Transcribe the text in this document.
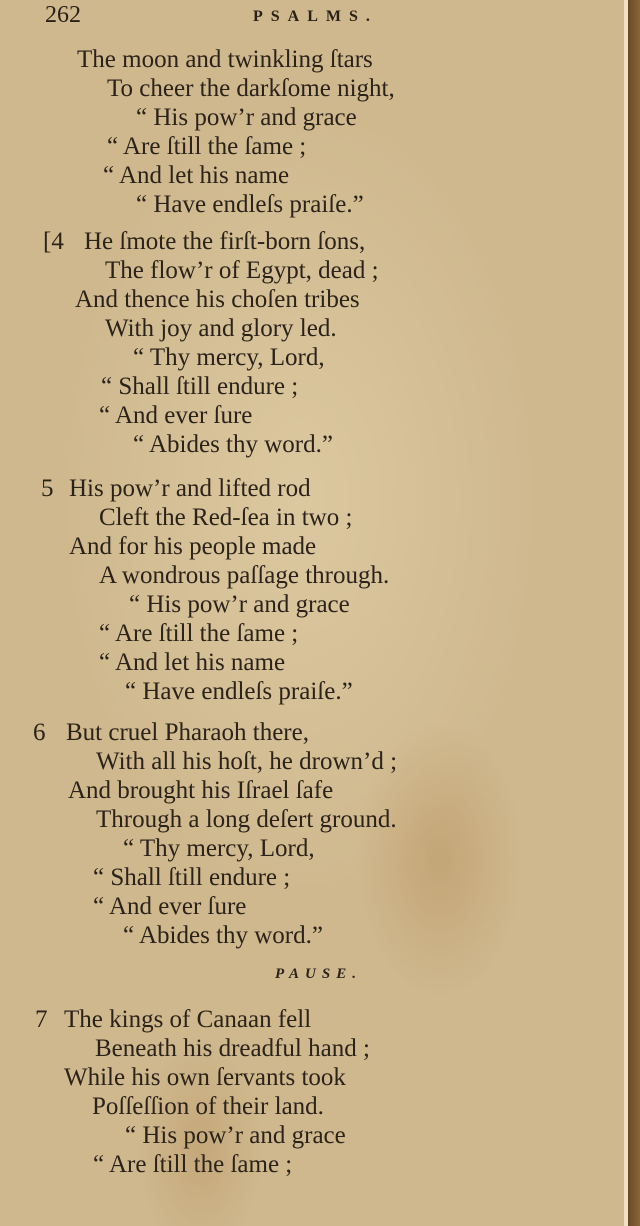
262	PSALMS.
The moon and twinkling ſtars
To cheer the darkſome night,
“ His pow’r and grace
“ Are ſtill the ſame ;
“ And let his name
“ Have endleſs praiſe.”
[4 He ſmote the firſt-born ſons,
The flow’r of Egypt, dead ;
And thence his choſen tribes
With joy and glory led.
“ Thy mercy, Lord,
“ Shall ſtill endure ;
“ And ever ſure
“ Abides thy word.”
5 His pow’r and lifted rod
Cleft the Red-ſea in two ;
And for his people made
A wondrous paſſage through.
“ His pow’r and grace
“ Are ſtill the ſame ;
“ And let his name
“ Have endleſs praiſe.”
6 But cruel Pharaoh there,
With all his hoſt, he drown’d ;
And brought his Iſrael ſafe
Through a long deſert ground.
“ Thy mercy, Lord,
“ Shall ſtill endure ;
“ And ever ſure
“ Abides thy word.”
PAUSE.
7 The kings of Canaan fell
Beneath his dreadful hand ;
While his own ſervants took
Poſſeſſion of their land.
“ His pow’r and grace
“ Are ſtill the ſame ;
